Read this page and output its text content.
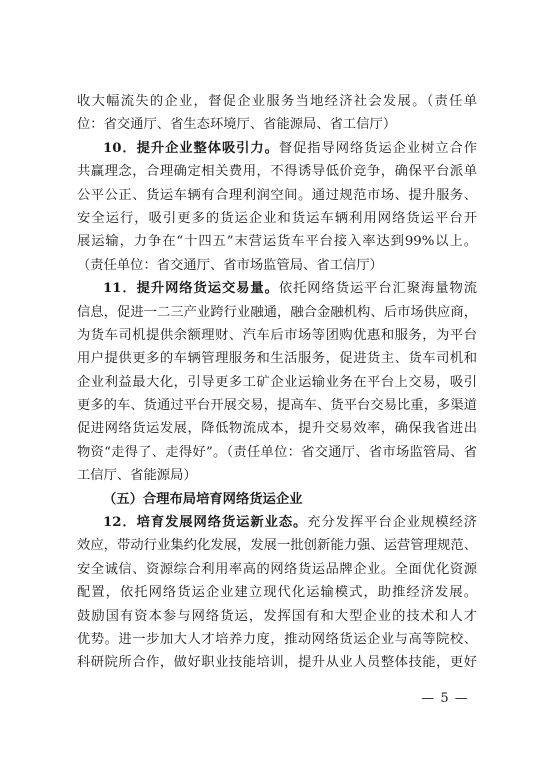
收大幅流失的企业，督促企业服务当地经济社会发展。（责任单
位：省交通厅、省生态环境厅、省能源局、省工信厅）
10．提升企业整体吸引力。督促指导网络货运企业树立合作
共赢理念，合理确定相关费用，不得诱导低价竞争，确保平台派单
公平公正、货运车辆有合理利润空间。通过规范市场、提升服务、
安全运行，吸引更多的货运企业和货运车辆利用网络货运平台开
展运输，力争在“十四五”末营运货车平台接入率达到99%以上。
（责任单位：省交通厅、省市场监管局、省工信厅）
11．提升网络货运交易量。依托网络货运平台汇聚海量物流
信息，促进一二三产业跨行业融通，融合金融机构、后市场供应商，
为货车司机提供余额理财、汽车后市场等团购优惠和服务，为平台
用户提供更多的车辆管理服务和生活服务，促进货主、货车司机和
企业利益最大化，引导更多工矿企业运输业务在平台上交易，吸引
更多的车、货通过平台开展交易，提高车、货平台交易比重，多渠道
促进网络货运发展，降低物流成本，提升交易效率，确保我省进出
物资“走得了、走得好”。（责任单位：省交通厅、省市场监管局、省
工信厅、省能源局）
（五）合理布局培育网络货运企业
12．培育发展网络货运新业态。充分发挥平台企业规模经济
效应，带动行业集约化发展，发展一批创新能力强、运营管理规范、
安全诚信、资源综合利用率高的网络货运品牌企业。全面优化资源
配置，依托网络货运企业建立现代化运输模式，助推经济发展。
鼓励国有资本参与网络货运，发挥国有和大型企业的技术和人才
优势。进一步加大人才培养力度，推动网络货运企业与高等院校、
科研院所合作，做好职业技能培训，提升从业人员整体技能，更好
— 5 —
